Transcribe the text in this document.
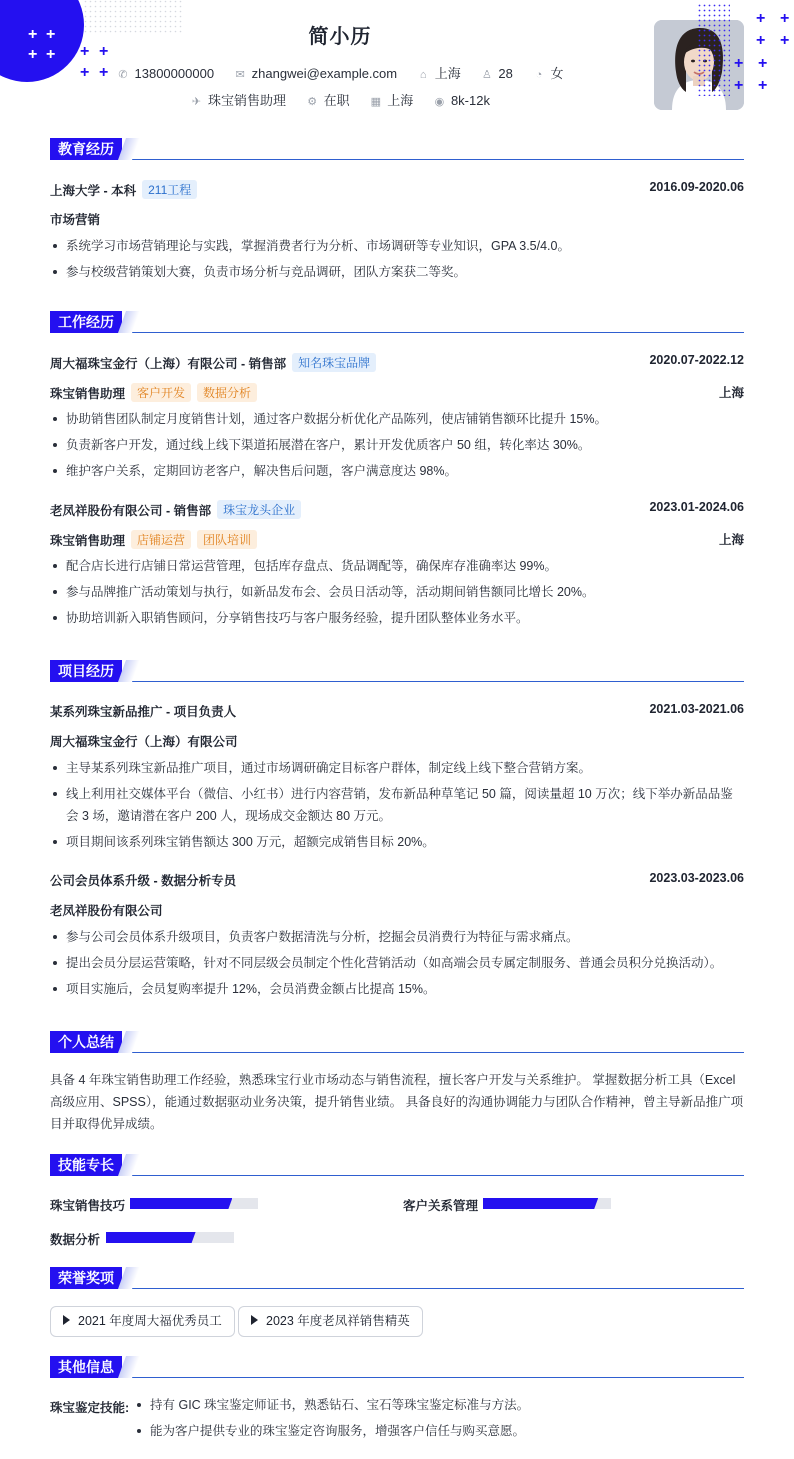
+ +
+ + + +
+ +
简小历
✆ 13800000000 ✉ zhangwei@example.com ⌂ 上海 ♙ 28 ◔ 女
✈ 珠宝销售助理 ⚙ 在职 ▦ 上海 ◉ 8k-12k
+ +
+ +
+ +
+ +
教育经历
上海大学 - 本科 211工程	2016.09-2020.06
市场营销
系统学习市场营销理论与实践，掌握消费者行为分析、市场调研等专业知识，GPA 3.5/4.0。
参与校级营销策划大赛，负责市场分析与竞品调研，团队方案获二等奖。
工作经历
周大福珠宝金行（上海）有限公司 - 销售部 知名珠宝品牌	2020.07-2022.12
珠宝销售助理 客户开发 数据分析	上海
协助销售团队制定月度销售计划，通过客户数据分析优化产品陈列，使店铺销售额环比提升 15%。
负责新客户开发，通过线上线下渠道拓展潜在客户，累计开发优质客户 50 组，转化率达 30%。
维护客户关系，定期回访老客户，解决售后问题，客户满意度达 98%。
老凤祥股份有限公司 - 销售部 珠宝龙头企业	2023.01-2024.06
珠宝销售助理 店铺运营 团队培训	上海
配合店长进行店铺日常运营管理，包括库存盘点、货品调配等，确保库存准确率达 99%。
参与品牌推广活动策划与执行，如新品发布会、会员日活动等，活动期间销售额同比增长 20%。
协助培训新入职销售顾问，分享销售技巧与客户服务经验，提升团队整体业务水平。
项目经历
某系列珠宝新品推广 - 项目负责人	2021.03-2021.06
周大福珠宝金行（上海）有限公司
主导某系列珠宝新品推广项目，通过市场调研确定目标客户群体，制定线上线下整合营销方案。
线上利用社交媒体平台（微信、小红书）进行内容营销，发布新品种草笔记 50 篇，阅读量超 10 万次；线下举办新品品鉴会 3 场，邀请潜在客户 200 人，现场成交金额达 80 万元。
项目期间该系列珠宝销售额达 300 万元，超额完成销售目标 20%。
公司会员体系升级 - 数据分析专员	2023.03-2023.06
老凤祥股份有限公司
参与公司会员体系升级项目，负责客户数据清洗与分析，挖掘会员消费行为特征与需求痛点。
提出会员分层运营策略，针对不同层级会员制定个性化营销活动（如高端会员专属定制服务、普通会员积分兑换活动）。
项目实施后，会员复购率提升 12%，会员消费金额占比提高 15%。
个人总结

具备 4 年珠宝销售助理工作经验，熟悉珠宝行业市场动态与销售流程，擅长客户开发与关系维护。 掌握数据分析工具（Excel 高级应用、SPSS），能通过数据驱动业务决策，提升销售业绩。 具备良好的沟通协调能力与团队合作精神，曾主导新品推广项目并取得优异成绩。

技能专长
珠宝销售技巧	客户关系管理
数据分析
荣誉奖项
2021 年度周大福优秀员工	2023 年度老凤祥销售精英
其他信息
珠宝鉴定技能:	持有 GIC 珠宝鉴定师证书，熟悉钻石、宝石等珠宝鉴定标准与方法。
能为客户提供专业的珠宝鉴定咨询服务，增强客户信任与购买意愿。
